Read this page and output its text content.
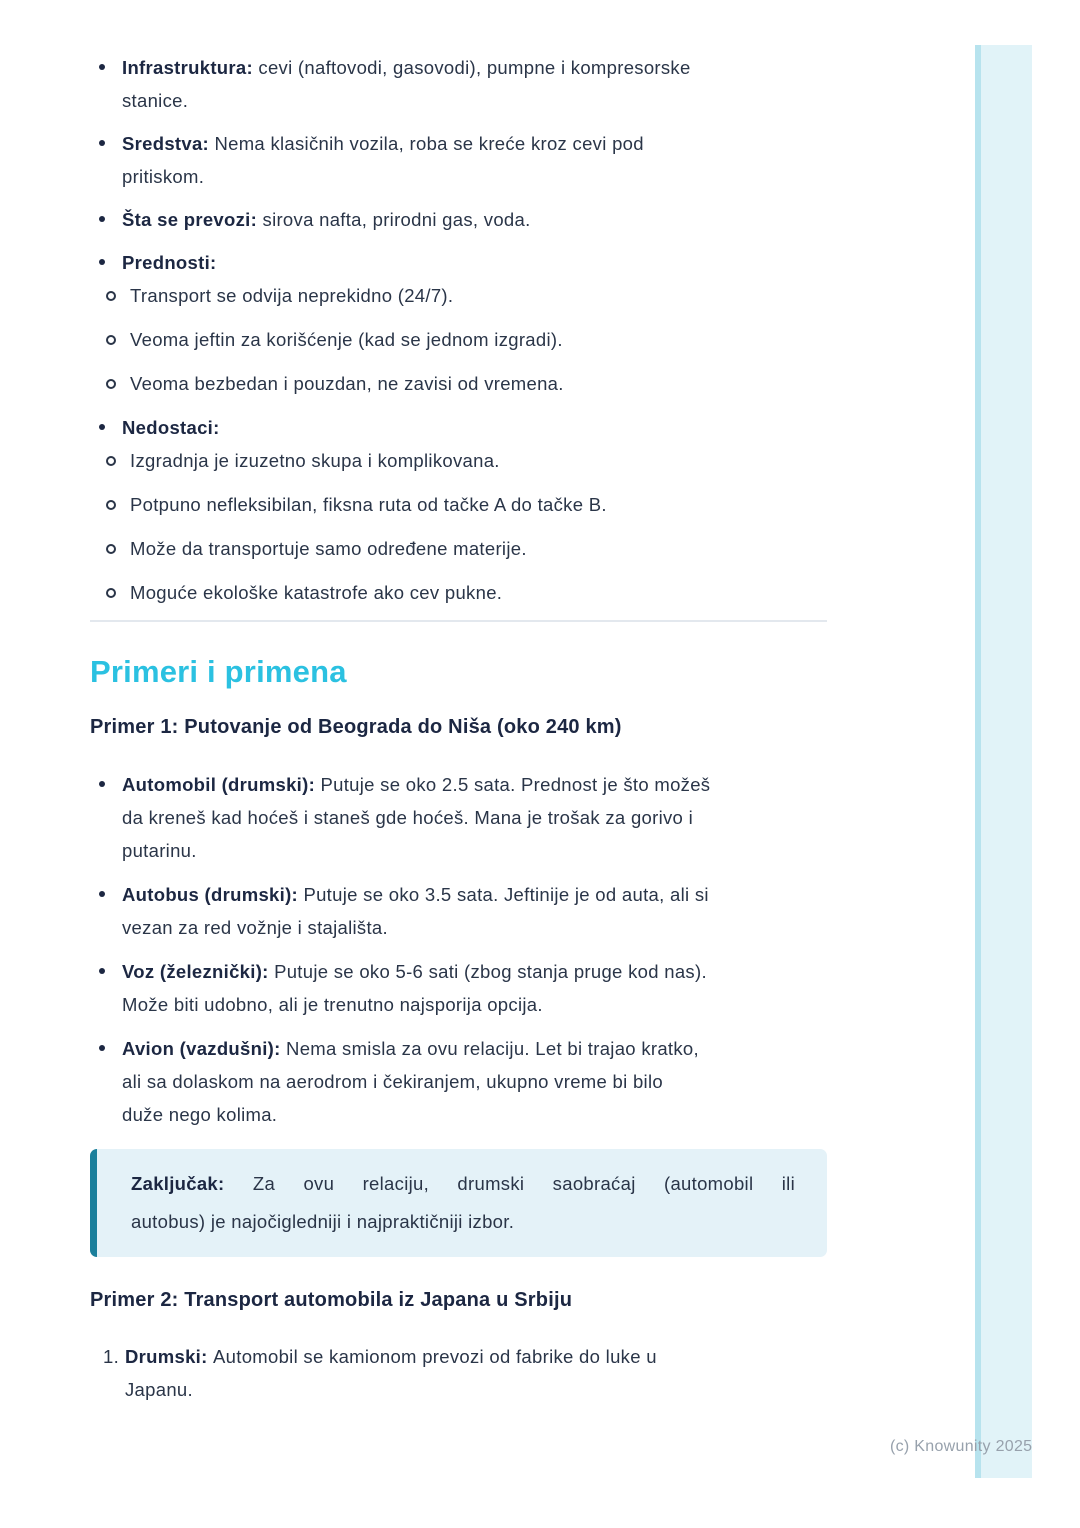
Infrastruktura: cevi (naftovodi, gasovodi), pumpne i kompresorske
stanice.
Sredstva: Nema klasičnih vozila, roba se kreće kroz cevi pod
pritiskom.
Šta se prevozi: sirova nafta, prirodni gas, voda.
Prednosti:
Transport se odvija neprekidno (24/7).
Veoma jeftin za korišćenje (kad se jednom izgradi).
Veoma bezbedan i pouzdan, ne zavisi od vremena.
Nedostaci:
Izgradnja je izuzetno skupa i komplikovana.
Potpuno nefleksibilan, fiksna ruta od tačke A do tačke B.
Može da transportuje samo određene materije.
Moguće ekološke katastrofe ako cev pukne.
Primeri i primena
Primer 1: Putovanje od Beograda do Niša (oko 240 km)
Automobil (drumski): Putuje se oko 2.5 sata. Prednost je što možeš
da kreneš kad hoćeš i staneš gde hoćeš. Mana je trošak za gorivo i
putarinu.
Autobus (drumski): Putuje se oko 3.5 sata. Jeftinije je od auta, ali si
vezan za red vožnje i stajališta.
Voz (železnički): Putuje se oko 5-6 sati (zbog stanja pruge kod nas).
Može biti udobno, ali je trenutno najsporija opcija.
Avion (vazdušni): Nema smisla za ovu relaciju. Let bi trajao kratko,
ali sa dolaskom na aerodrom i čekiranjem, ukupno vreme bi bilo
duže nego kolima.
Zaključak: Za ovu relaciju, drumski saobraćaj (automobil ili
autobus) je najočigledniji i najpraktičniji izbor.
Primer 2: Transport automobila iz Japana u Srbiju
1. Drumski: Automobil se kamionom prevozi od fabrike do luke u
Japanu.
(c) Knowunity 2025
